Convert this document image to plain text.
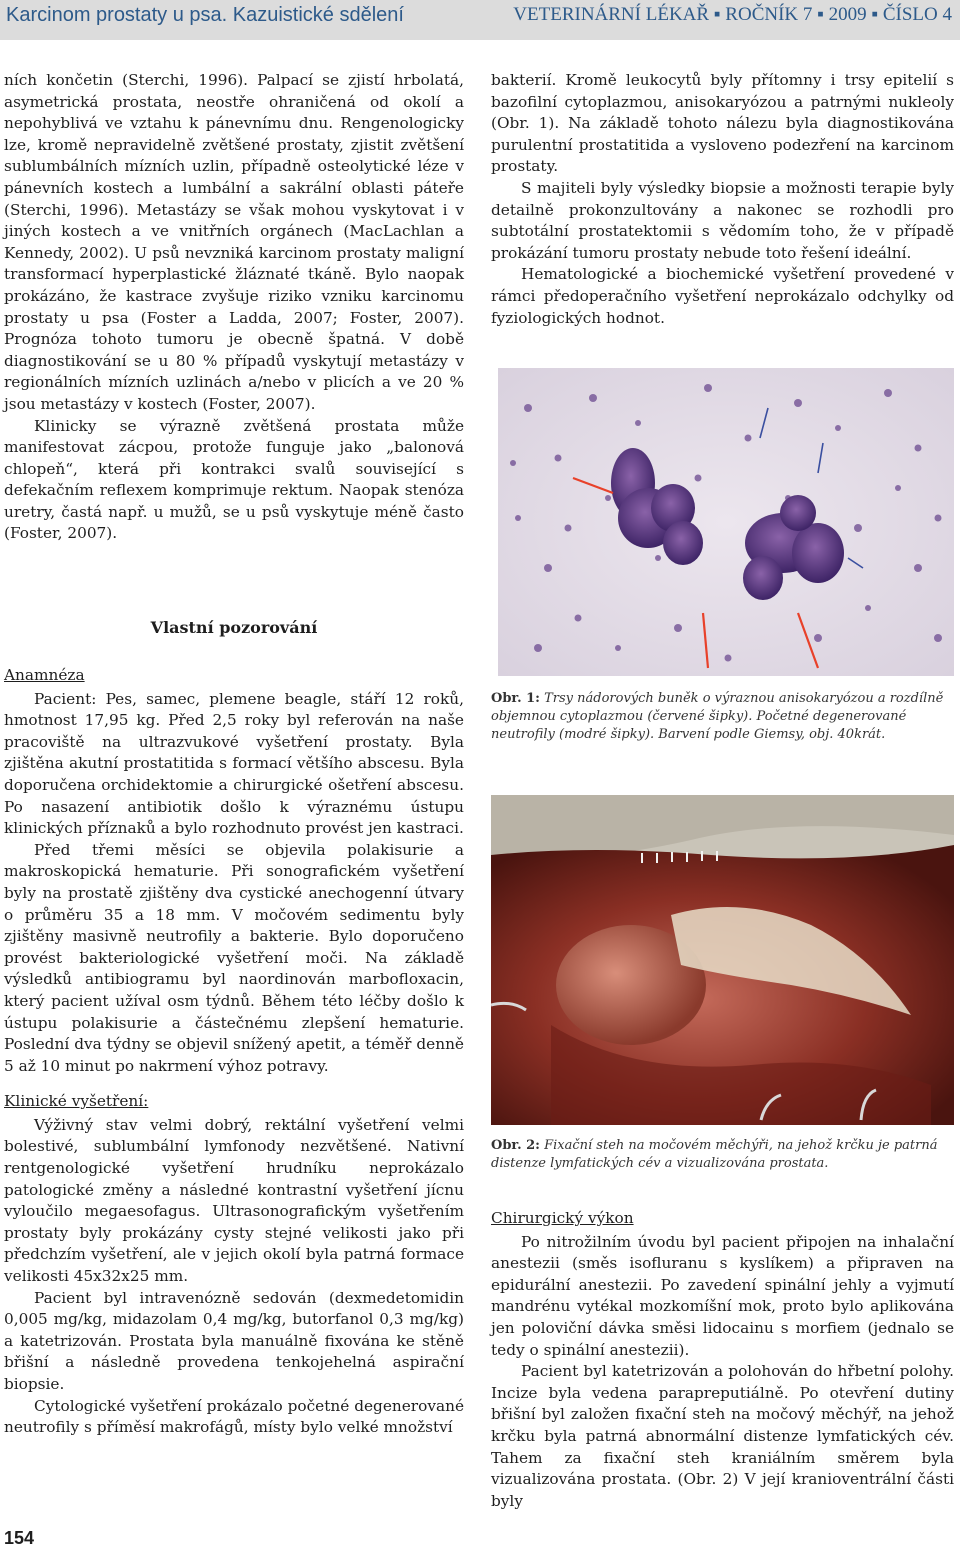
Karcinom prostaty u psa. Kazuistické sdělení	VETERINÁRNÍ LÉKAŘ ▪ ROČNÍK 7 ▪ 2009 ▪ ČÍSLO 4

ních končetin (Sterchi, 1996). Palpací se zjistí hrbolatá, asymetrická prostata, neostře ohraničená od okolí a nepohyblivá ve vztahu k pánevnímu dnu. Rengenologicky lze, kromě nepravidelně zvětšené prostaty, zjistit zvětšení sublumbálních mízních uzlin, případně osteolytické léze v pánevních kostech a lumbální a sakrální oblasti páteře (Sterchi, 1996). Metastázy se však mohou vyskytovat i v jiných kostech a ve vnitřních orgánech (MacLachlan a Kennedy, 2002). U psů nevzniká karcinom prostaty maligní transformací hyperplastické žláznaté tkáně. Bylo naopak prokázáno, že kastrace zvyšuje riziko vzniku karcinomu prostaty u psa (Foster a Ladda, 2007; Foster, 2007). Prognóza tohoto tumoru je obecně špatná. V době diagnostikování se u 80 % případů vyskytují metastázy v regionálních mízních uzlinách a/nebo v plicích a ve 20 % jsou metastázy v kostech (Foster, 2007).

Klinicky se výrazně zvětšená prostata může manifestovat zácpou, protože funguje jako „balonová chlopeň“, která při kontrakci svalů související s defekačním reflexem komprimuje rektum. Naopak stenóza uretry, častá např. u mužů, se u psů vyskytuje méně často (Foster, 2007).

Vlastní pozorování

Anamnéza

Pacient: Pes, samec, plemene beagle, stáří 12 roků, hmotnost 17,95 kg. Před 2,5 roky byl referován na naše pracoviště na ultrazvukové vyšetření prostaty. Byla zjištěna akutní prostatitida s formací většího abscesu. Byla doporučena orchidektomie a chirurgické ošetření abscesu. Po nasazení antibiotik došlo k výraznému ústupu klinických příznaků a bylo rozhodnuto provést jen kastraci.

Před třemi měsíci se objevila polakisurie a makroskopická hematurie. Při sonografickém vyšetření byly na prostatě zjištěny dva cystické anechogenní útvary o průměru 35 a 18 mm. V močovém sedimentu byly zjištěny masivně neutrofily a bakterie. Bylo doporučeno provést bakteriologické vyšetření moči. Na základě výsledků antibiogramu byl naordinován marbofloxacin, který pacient užíval osm týdnů. Během této léčby došlo k ústupu polakisurie a částečnému zlepšení hematurie. Poslední dva týdny se objevil snížený apetit, a téměř denně 5 až 10 minut po nakrmení výhoz potravy.

Klinické vyšetření:

Výživný stav velmi dobrý, rektální vyšetření velmi bolestivé, sublumbální lymfonody nezvětšené. Nativní rentgenologické vyšetření hrudníku neprokázalo patologické změny a následné kontrastní vyšetření jícnu vyloučilo megaesofagus. Ultrasonografickým vyšetřením prostaty byly prokázány cysty stejné velikosti jako při předchzím vyšetření, ale v jejich okolí byla patrná formace velikosti 45x32x25 mm.

Pacient byl intravenózně sedován (dexmedetomidin 0,005 mg/kg, midazolam 0,4 mg/kg, butorfanol 0,3 mg/kg) a katetrizován. Prostata byla manuálně fixována ke stěně břišní a následně provedena tenkojehelná aspirační biopsie.

Cytologické vyšetření prokázalo početné degenerované neutrofily s příměsí makrofágů, místy bylo velké množství

bakterií. Kromě leukocytů byly přítomny i trsy epitelií s bazofilní cytoplazmou, anisokaryózou a patrnými nukleoly (Obr. 1). Na základě tohoto nálezu byla diagnostikována purulentní prostatitida a vysloveno podezření na karcinom prostaty.

S majiteli byly výsledky biopsie a možnosti terapie byly detailně prokonzultovány a nakonec se rozhodli pro subtotální prostatektomii s vědomím toho, že v případě prokázání tumoru prostaty nebude toto řešení ideální.

Hematologické a biochemické vyšetření provedené v rámci předoperačního vyšetření neprokázalo odchylky od fyziologických hodnot.

Obr. 1: Trsy nádorových buněk o výraznou anisokaryózou a rozdílně objemnou cytoplazmou (červené šipky). Početné degenerované neutrofily (modré šipky). Barvení podle Giemsy, obj. 40krát.
Obr. 2: Fixační steh na močovém měchýři, na jehož krčku je patrná distenze lymfatických cév a vizualizována prostata.

Chirurgický výkon

Po nitrožilním úvodu byl pacient připojen na inhalační anestezii (směs isofluranu s kyslíkem) a připraven na epidurální anestezii. Po zavedení spinální jehly a vyjmutí mandrénu vytékal mozkomíšní mok, proto bylo aplikována jen poloviční dávka směsi lidocainu s morfiem (jednalo se tedy o spinální anestezii).

Pacient byl katetrizován a polohován do hřbetní polohy. Incize byla vedena parapreputiálně. Po otevření dutiny břišní byl založen fixační steh na močový měchýř, na jehož krčku byla patrná abnormální distenze lymfatických cév. Tahem za fixační steh kraniálním směrem byla vizualizována prostata. (Obr. 2) V její kranioventrální části byly

154
